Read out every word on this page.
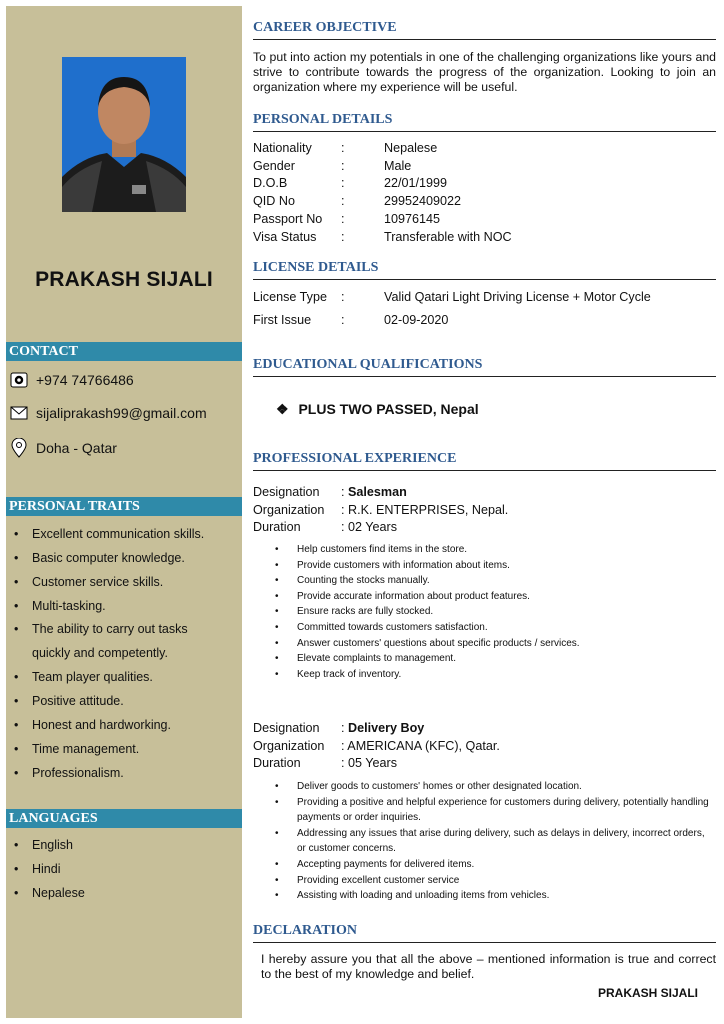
PRAKASH SIJALI
CONTACT
+974 74766486
sijaliprakash99@gmail.com
Doha - Qatar
PERSONAL TRAITS
• Excellent communication skills.
• Basic computer knowledge.
• Customer service skills.
• Multi-tasking.
• The ability to carry out tasks quickly and competently.
• Team player qualities.
• Positive attitude.
• Honest and hardworking.
• Time management.
• Professionalism.
LANGUAGES
• English
• Hindi
• Nepalese
CAREER OBJECTIVE
To put into action my potentials in one of the challenging organizations like yours and strive to contribute towards the progress of the organization. Looking to join an organization where my experience will be useful.
PERSONAL DETAILS
Nationality :	Nepalese
Gender	:	Male
D.O.B	:	22/01/1999
QID No	:	29952409022
Passport No :	10976145
Visa Status :	Transferable with NOC
LICENSE DETAILS
License Type :	Valid Qatari Light Driving License + Motor Cycle
First Issue :	02-09-2020
EDUCATIONAL QUALIFICATIONS
❖ PLUS TWO PASSED, Nepal
PROFESSIONAL EXPERIENCE
Designation : Salesman
Organization : R.K. ENTERPRISES, Nepal.
Duration	: 02 Years
• Help customers find items in the store.
• Provide customers with information about items.
• Counting the stocks manually.
• Provide accurate information about product features.
• Ensure racks are fully stocked.
• Committed towards customers satisfaction.
• Answer customers' questions about specific products / services.
• Elevate complaints to management.
• Keep track of inventory.
Designation : Delivery Boy
Organization : AMERICANA (KFC), Qatar.
Duration	: 05 Years
• Deliver goods to customers' homes or other designated location.
• Providing a positive and helpful experience for customers during delivery, potentially handling payments or order inquiries.
• Addressing any issues that arise during delivery, such as delays in delivery, incorrect orders, or customer concerns.
• Accepting payments for delivered items.
• Providing excellent customer service
• Assisting with loading and unloading items from vehicles.
DECLARATION
I hereby assure you that all the above – mentioned information is true and correct to the best of my knowledge and belief.
PRAKASH SIJALI
